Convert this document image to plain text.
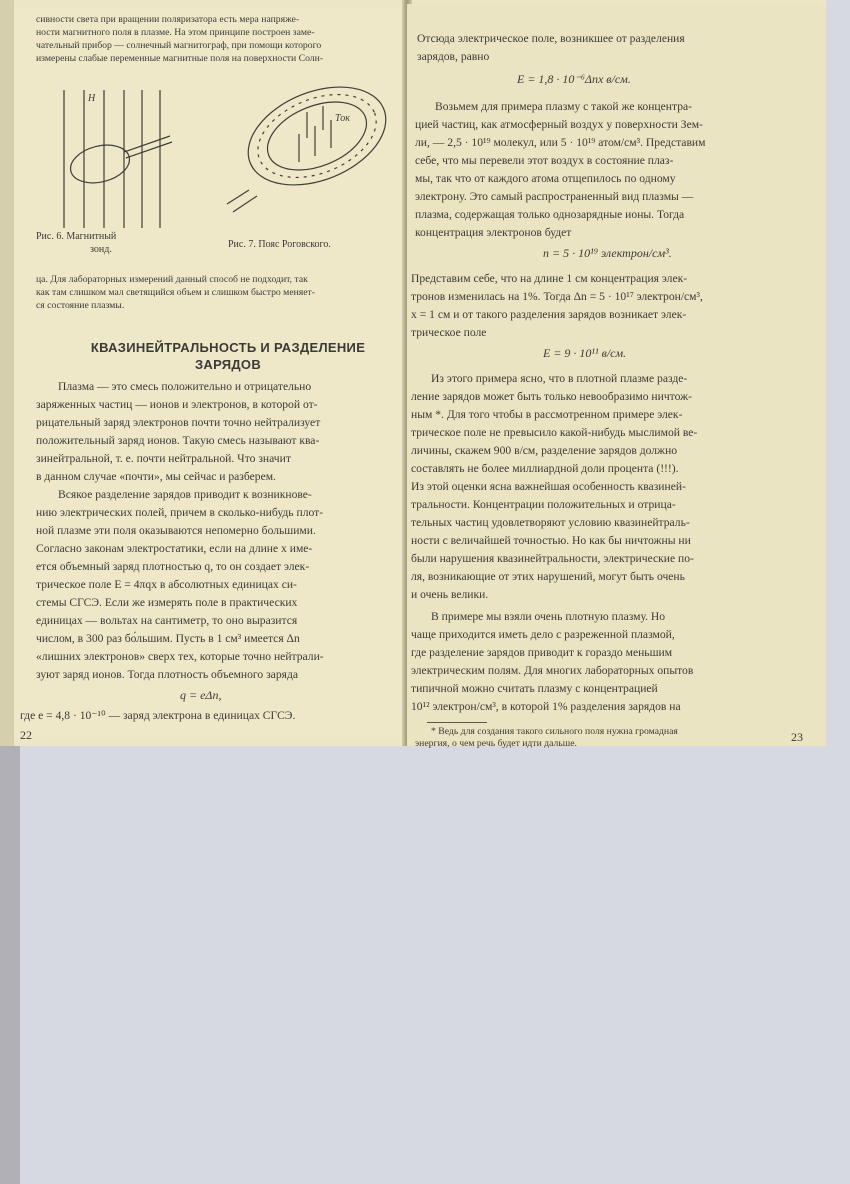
сивности света при вращении поляризатора есть мера напряже-
ности магнитного поля в плазме. На этом принципе построен заме-
чательный прибор — солнечный магнитограф, при помощи которого
измерены слабые переменные магнитные поля на поверхности Солн-
H
Рис. 6. Магнитный
зонд.
Ток
Рис. 7. Пояс Роговского.
ца. Для лабораторных измерений данный способ не подходит, так
как там слишком мал светящийся объем и слишком быстро меняет-
ся состояние плазмы.
КВАЗИНЕЙТРАЛЬНОСТЬ И РАЗДЕЛЕНИЕ
ЗАРЯДОВ
Плазма — это смесь положительно и отрицательно
заряженных частиц — ионов и электронов, в которой от-
рицательный заряд электронов почти точно нейтрализует
положительный заряд ионов. Такую смесь называют ква-
зинейтральной, т. е. почти нейтральной. Что значит
в данном случае «почти», мы сейчас и разберем.
Всякое разделение зарядов приводит к возникнове-
нию электрических полей, причем в сколько-нибудь плот-
ной плазме эти поля оказываются непомерно большими.
Согласно законам электростатики, если на длине x име-
ется объемный заряд плотностью q, то он создает элек-
трическое поле E = 4πqx в абсолютных единицах си-
стемы СГСЭ. Если же измерять поле в практических
единицах — вольтах на сантиметр, то оно выразится
числом, в 300 раз бо́льшим. Пусть в 1 см³ имеется Δn
«лишних электронов» сверх тех, которые точно нейтрали-
зуют заряд ионов. Тогда плотность объемного заряда
q = eΔn,
где e = 4,8 · 10⁻¹⁰ — заряд электрона в единицах СГСЭ.
22
Отсюда электрическое поле, возникшее от разделения
зарядов, равно
E = 1,8 · 10⁻⁶Δnx в/см.
Возьмем для примера плазму с такой же концентра-
цией частиц, как атмосферный воздух у поверхности Зем-
ли, — 2,5 · 10¹⁹ молекул, или 5 · 10¹⁹ атом/см³. Представим
себе, что мы перевели этот воздух в состояние плаз-
мы, так что от каждого атома отщепилось по одному
электрону. Это самый распространенный вид плазмы —
плазма, содержащая только однозарядные ионы. Тогда
концентрация электронов будет
n = 5 · 10¹⁹ электрон/см³.
Представим себе, что на длине 1 см концентрация элек-
тронов изменилась на 1%. Тогда Δn = 5 · 10¹⁷ электрон/см³,
x = 1 см и от такого разделения зарядов возникает элек-
трическое поле
E = 9 · 10¹¹ в/см.
Из этого примера ясно, что в плотной плазме разде-
ление зарядов может быть только невообразимо ничтож-
ным *. Для того чтобы в рассмотренном примере элек-
трическое поле не превысило какой-нибудь мыслимой ве-
личины, скажем 900 в/см, разделение зарядов должно
составлять не более миллиардной доли процента (!!!).
Из этой оценки ясна важнейшая особенность квазиней-
тральности. Концентрации положительных и отрица-
тельных частиц удовлетворяют условию квазинейтраль-
ности с величайшей точностью. Но как бы ничтожны ни
были нарушения квазинейтральности, электрические по-
ля, возникающие от этих нарушений, могут быть очень
и очень велики.
В примере мы взяли очень плотную плазму. Но
чаще приходится иметь дело с разреженной плазмой,
где разделение зарядов приводит к гораздо меньшим
электрическим полям. Для многих лабораторных опытов
типичной можно считать плазму с концентрацией
10¹² электрон/см³, в которой 1% разделения зарядов на
* Ведь для создания такого сильного поля нужна громадная
энергия, о чем речь будет идти дальше.	23
